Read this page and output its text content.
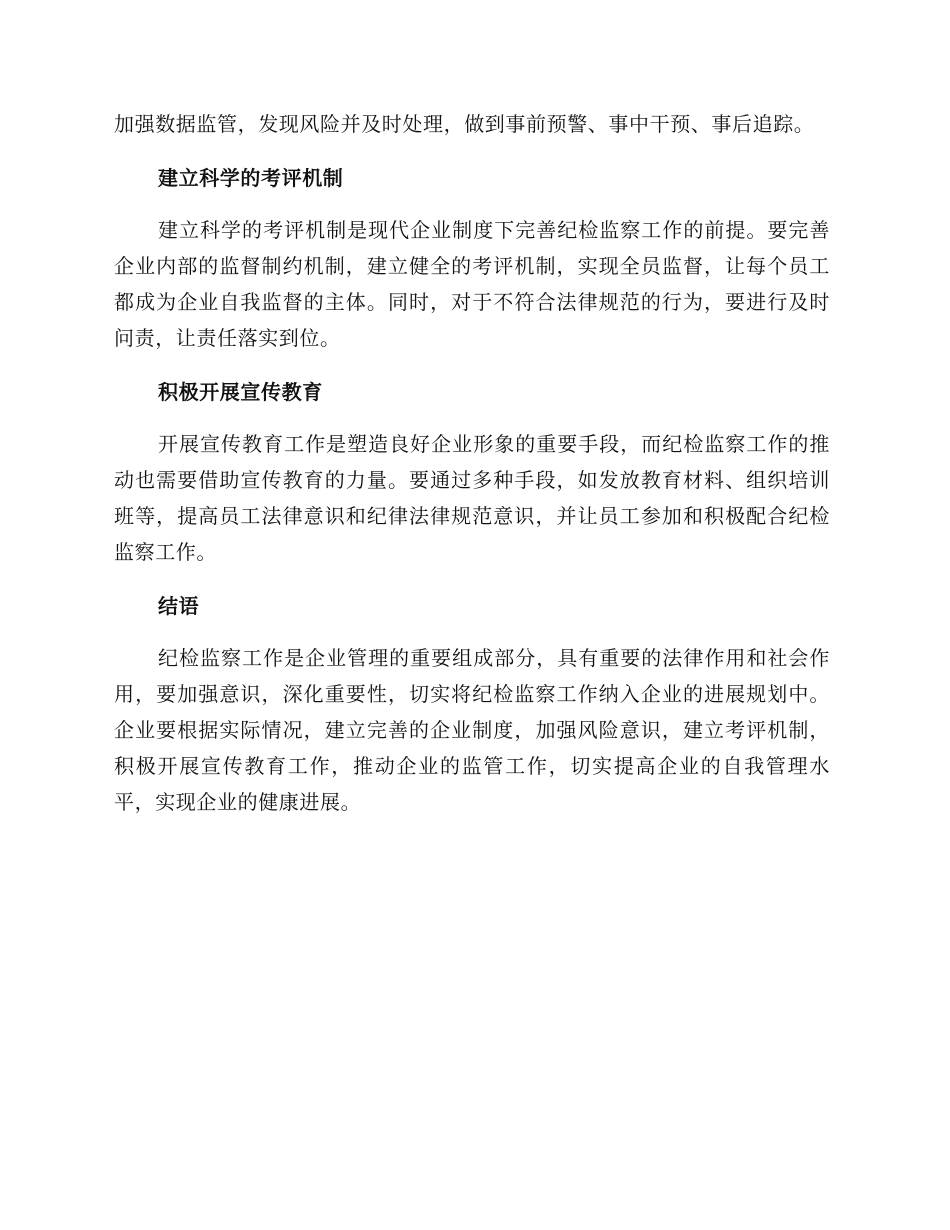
加强数据监管，发现风险并及时处理，做到事前预警、事中干预、事后追踪。

建立科学的考评机制

建立科学的考评机制是现代企业制度下完善纪检监察工作的前提。要完善企业内部的监督制约机制，建立健全的考评机制，实现全员监督，让每个员工都成为企业自我监督的主体。同时，对于不符合法律规范的行为，要进行及时问责，让责任落实到位。

积极开展宣传教育

开展宣传教育工作是塑造良好企业形象的重要手段，而纪检监察工作的推动也需要借助宣传教育的力量。要通过多种手段，如发放教育材料、组织培训班等，提高员工法律意识和纪律法律规范意识，并让员工参加和积极配合纪检监察工作。

结语

纪检监察工作是企业管理的重要组成部分，具有重要的法律作用和社会作用，要加强意识，深化重要性，切实将纪检监察工作纳入企业的进展规划中。企业要根据实际情况，建立完善的企业制度，加强风险意识，建立考评机制，积极开展宣传教育工作，推动企业的监管工作，切实提高企业的自我管理水平，实现企业的健康进展。
